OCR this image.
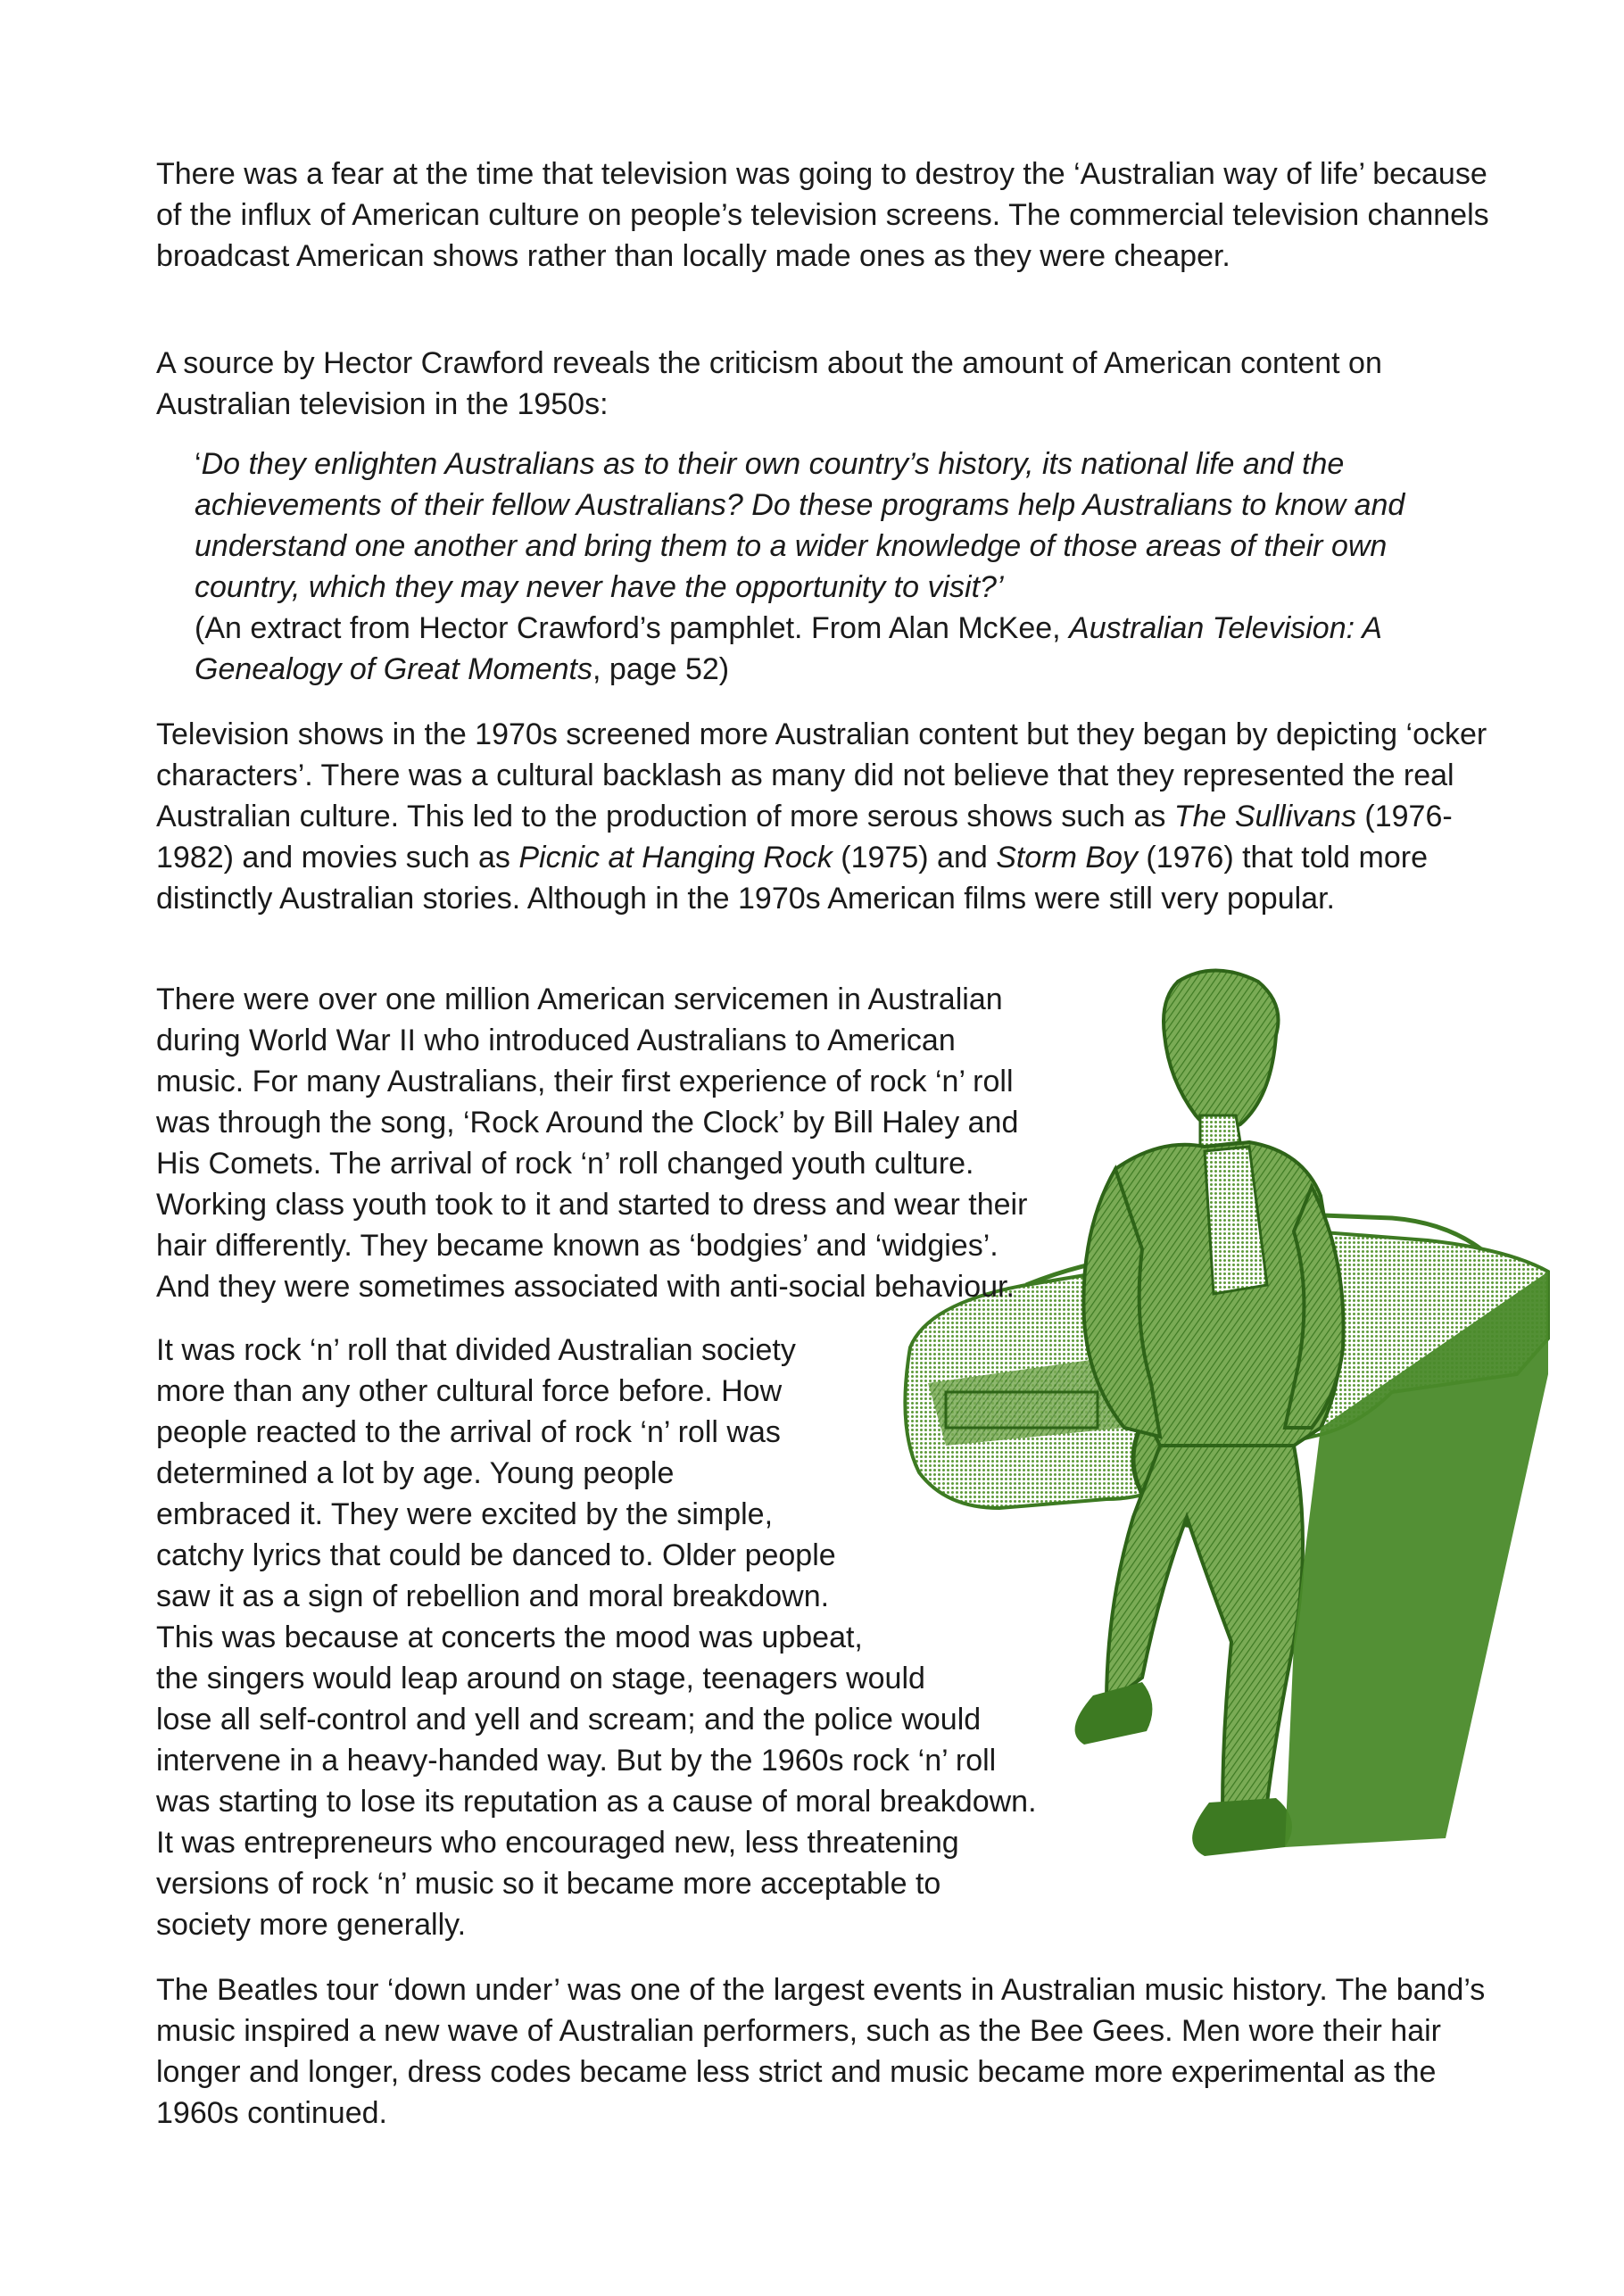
There was a fear at the time that television was going to destroy the ‘Australian way of life’ because of the influx of American culture on people’s television screens. The commercial television channels broadcast American shows rather than locally made ones as they were cheaper.

A source by Hector Crawford reveals the criticism about the amount of American content on Australian television in the 1950s:

‘Do they enlighten Australians as to their own country’s history, its national life and the achievements of their fellow Australians? Do these programs help Australians to know and understand one another and bring them to a wider knowledge of those areas of their own country, which they may never have the opportunity to visit?’

(An extract from Hector Crawford’s pamphlet. From Alan McKee, Australian Television: A Genealogy of Great Moments, page 52)

Television shows in the 1970s screened more Australian content but they began by depicting ‘ocker characters’. There was a cultural backlash as many did not believe that they represented the real Australian culture. This led to the production of more serous shows such as The Sullivans (1976-1982) and movies such as Picnic at Hanging Rock (1975) and Storm Boy (1976) that told more distinctly Australian stories. Although in the 1970s American films were still very popular.

There were over one million American servicemen in Australian

during World War II who introduced Australians to American

music. For many Australians, their first experience of rock ‘n’ roll

was through the song, ‘Rock Around the Clock’ by Bill Haley and

His Comets. The arrival of rock ‘n’ roll changed youth culture.

Working class youth took to it and started to dress and wear their

hair differently. They became known as ‘bodgies’ and ‘widgies’.

And they were sometimes associated with anti-social behaviour.

It was rock ‘n’ roll that divided Australian society

more than any other cultural force before. How

people reacted to the arrival of rock ‘n’ roll was

determined a lot by age. Young people

embraced it. They were excited by the simple,

catchy lyrics that could be danced to. Older people

saw it as a sign of rebellion and moral breakdown.

This was because at concerts the mood was upbeat,

the singers would leap around on stage, teenagers would

lose all self-control and yell and scream; and the police would

intervene in a heavy-handed way. But by the 1960s rock ‘n’ roll

was starting to lose its reputation as a cause of moral breakdown.

It was entrepreneurs who encouraged new, less threatening

versions of rock ‘n’ music so it became more acceptable to

society more generally.

The Beatles tour ‘down under’ was one of the largest events in Australian music history. The band’s music inspired a new wave of Australian performers, such as the Bee Gees. Men wore their hair longer and longer, dress codes became less strict and music became more experimental as the 1960s continued.
